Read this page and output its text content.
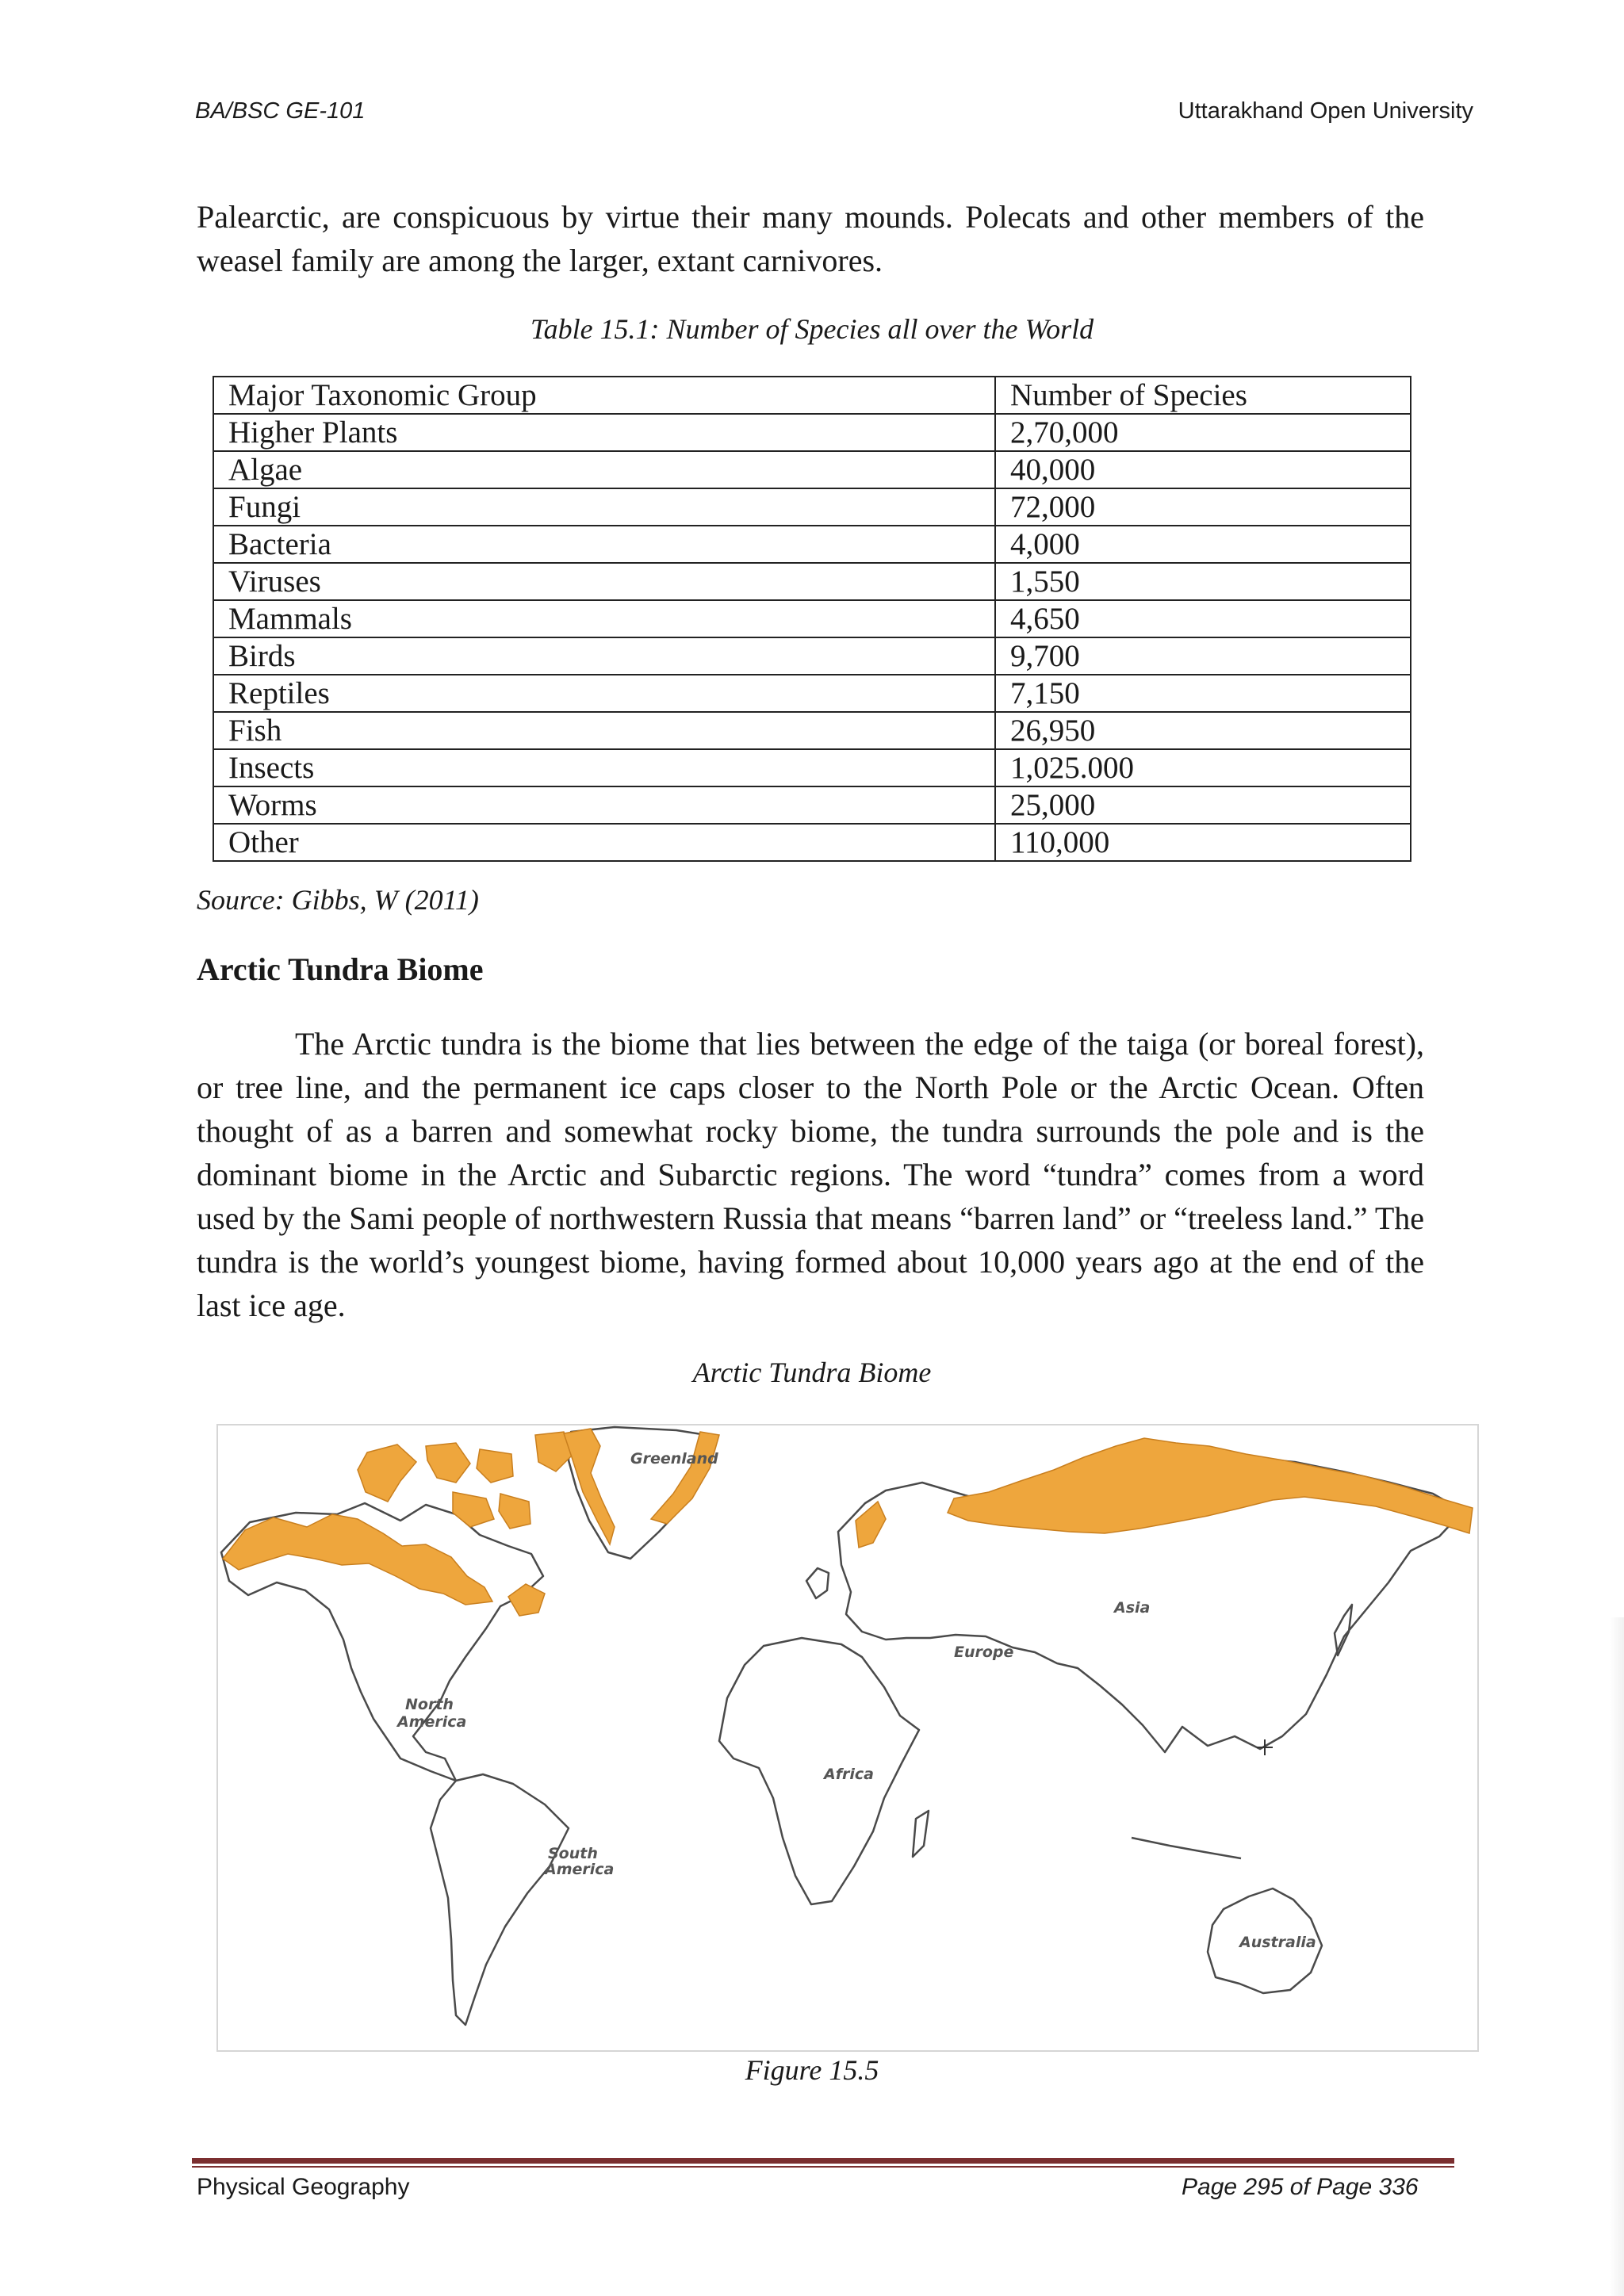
BA/BSC GE-101	Uttarakhand Open University

Palearctic, are conspicuous by virtue their many mounds. Polecats and other members of the weasel family are among the larger, extant carnivores.

Table 15.1: Number of Species all over the World
Major Taxonomic Group	Number of Species
Higher Plants	2,70,000
Algae	40,000
Fungi	72,000
Bacteria	4,000
Viruses	1,550
Mammals	4,650
Birds	9,700
Reptiles	7,150
Fish	26,950
Insects	1,025.000
Worms	25,000
Other	110,000
Source: Gibbs, W (2011)
Arctic Tundra Biome

The Arctic tundra is the biome that lies between the edge of the taiga (or boreal forest), or tree line, and the permanent ice caps closer to the North Pole or the Arctic Ocean. Often thought of as a barren and somewhat rocky biome, the tundra surrounds the pole and is the dominant biome in the Arctic and Subarctic regions. The word “tundra” comes from a word used by the Sami people of northwestern Russia that means “barren land” or “treeless land.” The tundra is the world’s youngest biome, having formed about 10,000 years ago at the end of the last ice age.

Arctic Tundra Biome
Greenland
North
America
South
America
Europe
Asia
Africa
Australia
Figure 15.5
Physical Geography	Page 295 of Page 336
